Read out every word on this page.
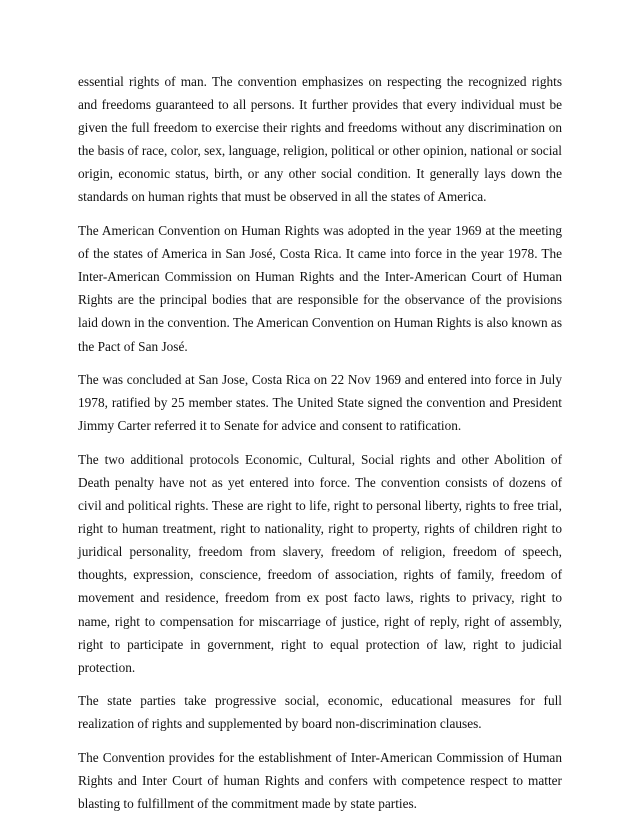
essential rights of man. The convention emphasizes on respecting the recognized rights and freedoms guaranteed to all persons. It further provides that every individual must be given the full freedom to exercise their rights and freedoms without any discrimination on the basis of race, color, sex, language, religion, political or other opinion, national or social origin, economic status, birth, or any other social condition. It generally lays down the standards on human rights that must be observed in all the states of America.

The American Convention on Human Rights was adopted in the year 1969 at the meeting of the states of America in San José, Costa Rica. It came into force in the year 1978. The Inter-American Commission on Human Rights and the Inter-American Court of Human Rights are the principal bodies that are responsible for the observance of the provisions laid down in the convention. The American Convention on Human Rights is also known as the Pact of San José.

The was concluded at San Jose, Costa Rica on 22 Nov 1969 and entered into force in July 1978, ratified by 25 member states. The United State signed the convention and President Jimmy Carter referred it to Senate for advice and consent to ratification.

The two additional protocols Economic, Cultural, Social rights and other Abolition of Death penalty have not as yet entered into force. The convention consists of dozens of civil and political rights. These are right to life, right to personal liberty, rights to free trial, right to human treatment, right to nationality, right to property, rights of children right to juridical personality, freedom from slavery, freedom of religion, freedom of speech, thoughts, expression, conscience, freedom of association, rights of family, freedom of movement and residence, freedom from ex post facto laws, rights to privacy, right to name, right to compensation for miscarriage of justice, right of reply, right of assembly, right to participate in government, right to equal protection of law, right to judicial protection.

The state parties take progressive social, economic, educational measures for full realization of rights and supplemented by board non-discrimination clauses.

The Convention provides for the establishment of Inter-American Commission of Human Rights and Inter Court of human Rights and confers with competence respect to matter blasting to fulfillment of the commitment made by state parties.
